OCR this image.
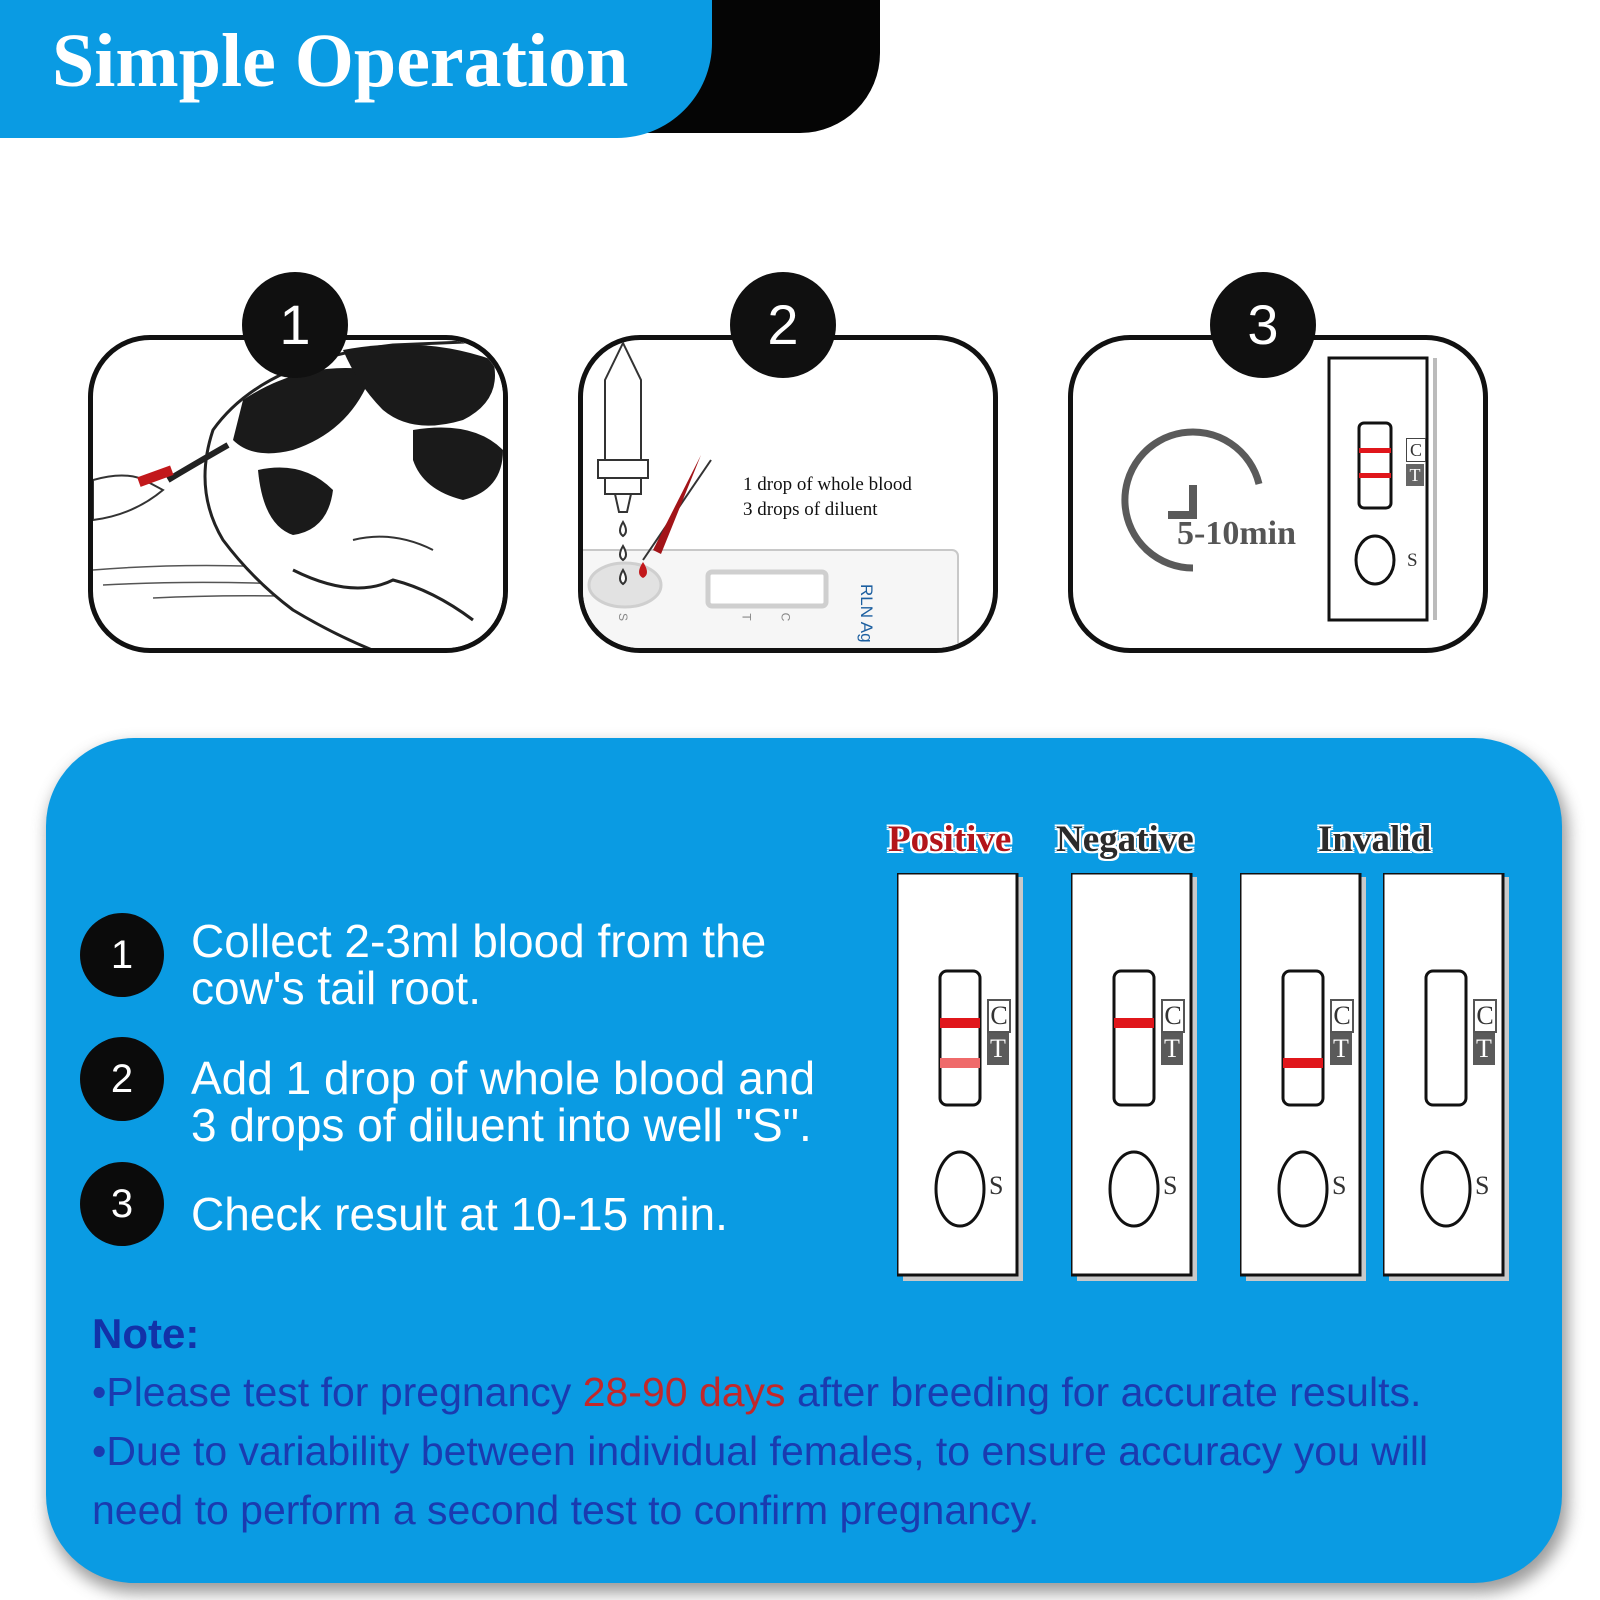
Simple Operation
1
1 drop of whole blood
3 drops of diluent
RLN Ag
S	T C
2
5-10min
C
T
S
3
1	Collect 2-3ml blood from the
cow's tail root.
2	Add 1 drop of whole blood and
3 drops of diluent into well "S".
3	Check result at 10-15 min.
Positive Negative	Invalid
C
T
S
C
T
S
C
T
S
C
T
S
Note:
•Please test for pregnancy 28-90 days after breeding for accurate results.
•Due to variability between individual females, to ensure accuracy you will
need to perform a second test to confirm pregnancy.
